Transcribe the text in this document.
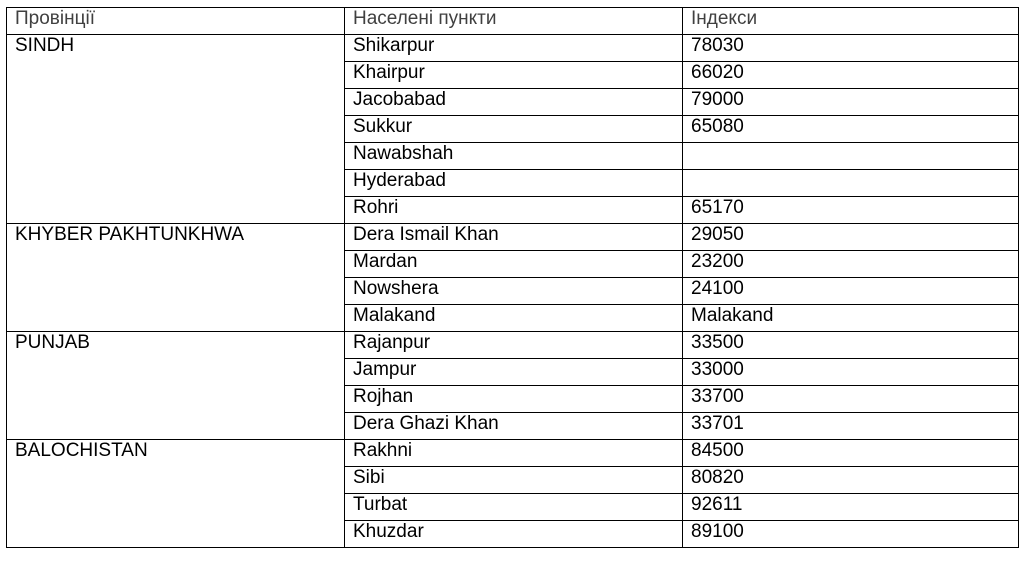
Провінції	Населені пункти	Індекси
SINDH	Shikarpur	78030
	Khairpur	66020
	Jacobabad	79000
	Sukkur	65080
	Nawabshah	
	Hyderabad	
	Rohri	65170
KHYBER PAKHTUNKHWA	Dera Ismail Khan	29050
	Mardan	23200
	Nowshera	24100
	Malakand	Malakand
PUNJAB	Rajanpur	33500
	Jampur	33000
	Rojhan	33700
	Dera Ghazi Khan	33701
BALOCHISTAN	Rakhni	84500
	Sibi	80820
	Turbat	92611
	Khuzdar	89100
